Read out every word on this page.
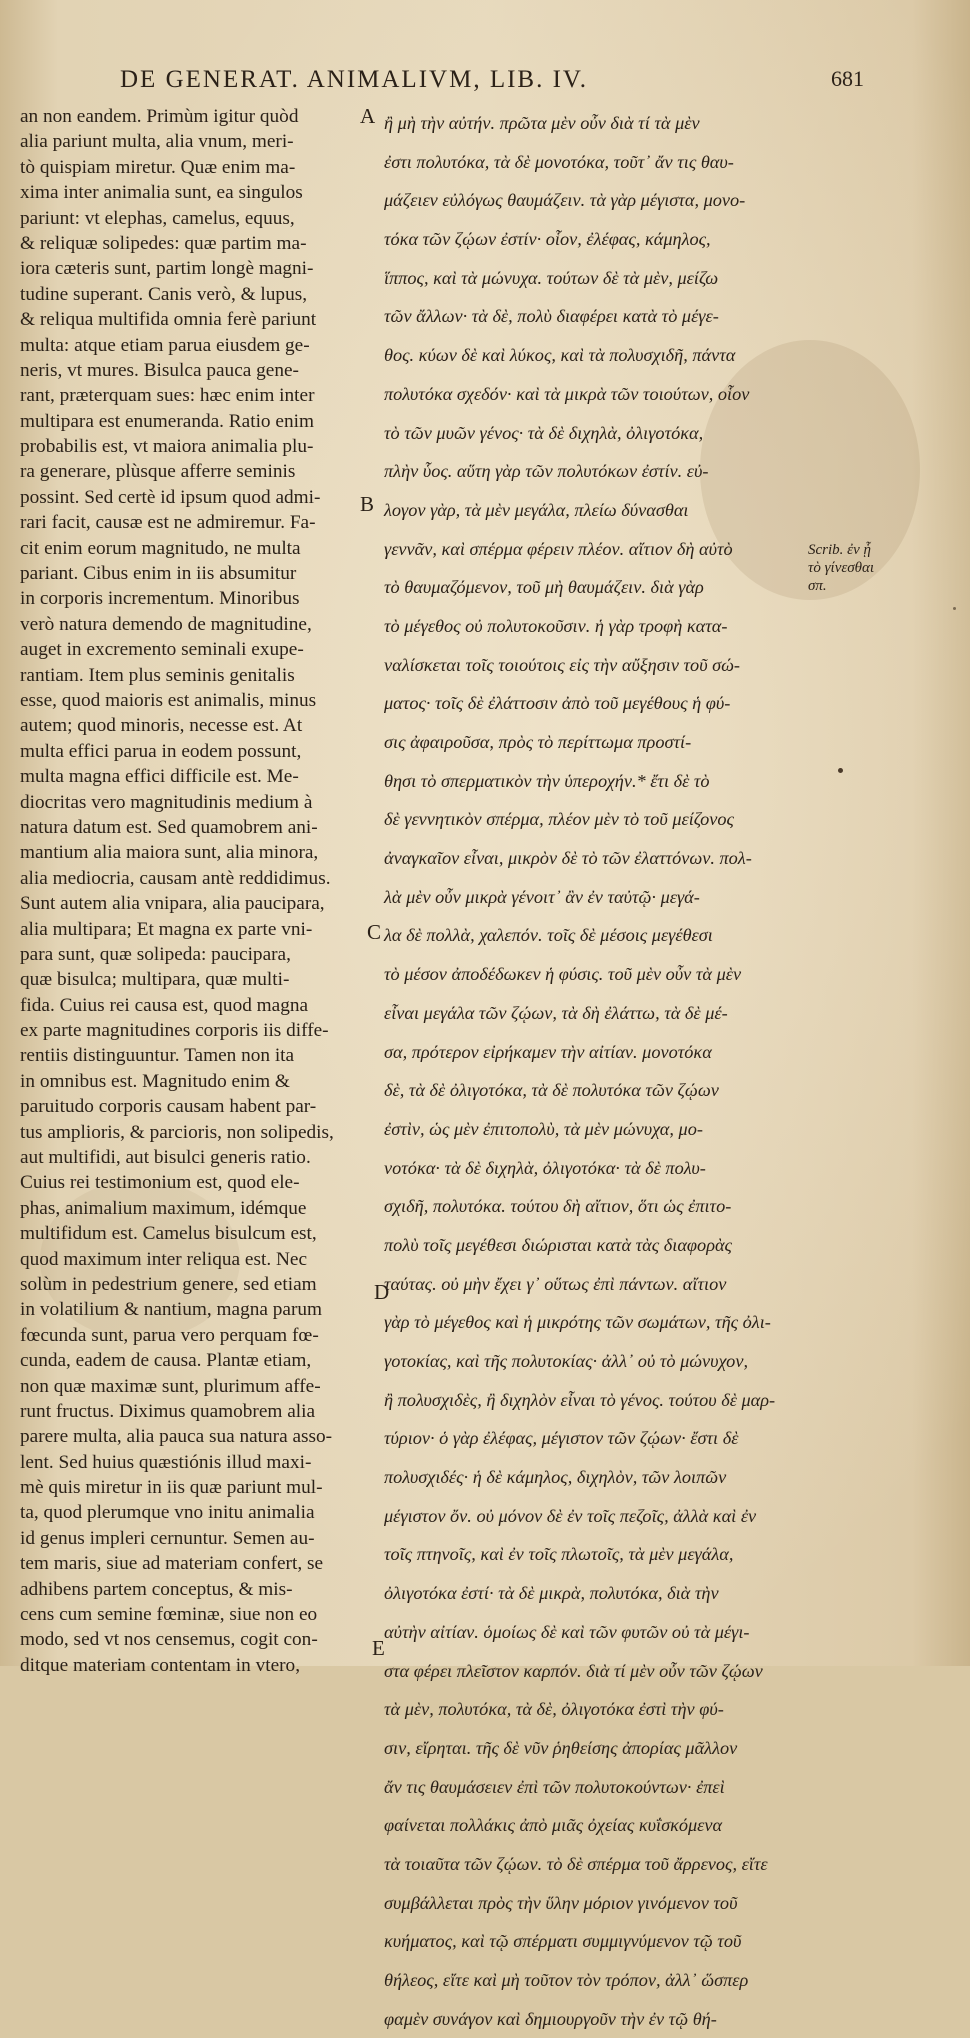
DE GENERAT. ANIMALIVM, LIB. IV.	681
an non eandem. Primùm igitur quòd
alia pariunt multa, alia vnum, meri-
tò quispiam miretur. Quæ enim ma-
xima inter animalia sunt, ea singulos
pariunt: vt elephas, camelus, equus,
& reliquæ solipedes: quæ partim ma-
iora cæteris sunt, partim longè magni-
tudine superant. Canis verò, & lupus,
& reliqua multifida omnia ferè pariunt
multa: atque etiam parua eiusdem ge-
neris, vt mures. Bisulca pauca gene-
rant, præterquam sues: hæc enim inter
multipara est enumeranda. Ratio enim
probabilis est, vt maiora animalia plu-
ra generare, plùsque afferre seminis
possint. Sed certè id ipsum quod admi-
rari facit, causæ est ne admiremur. Fa-
cit enim eorum magnitudo, ne multa
pariant. Cibus enim in iis absumitur
in corporis incrementum. Minoribus
verò natura demendo de magnitudine,
auget in excremento seminali exupe-
rantiam. Item plus seminis genitalis
esse, quod maioris est animalis, minus
autem; quod minoris, necesse est. At
multa effici parua in eodem possunt,
multa magna effici difficile est. Me-
diocritas vero magnitudinis medium à
natura datum est. Sed quamobrem ani-
mantium alia maiora sunt, alia minora,
alia mediocria, causam antè reddidimus.
Sunt autem alia vnipara, alia paucipara,
alia multipara; Et magna ex parte vni-
para sunt, quæ solipeda: paucipara,
quæ bisulca; multipara, quæ multi-
fida. Cuius rei causa est, quod magna
ex parte magnitudines corporis iis diffe-
rentiis distinguuntur. Tamen non ita
in omnibus est. Magnitudo enim &
paruitudo corporis causam habent par-
tus amplioris, & parcioris, non solipedis,
aut multifidi, aut bisulci generis ratio.
Cuius rei testimonium est, quod ele-
phas, animalium maximum, idémque
multifidum est. Camelus bisulcum est,
quod maximum inter reliqua est. Nec
solùm in pedestrium genere, sed etiam
in volatilium & nantium, magna parum
fœcunda sunt, parua vero perquam fœ-
cunda, eadem de causa. Plantæ etiam,
non quæ maximæ sunt, plurimum affe-
runt fructus. Diximus quamobrem alia
parere multa, alia pauca sua natura asso-
lent. Sed huius quæstiónis illud maxi-
mè quis miretur in iis quæ pariunt mul-
ta, quod plerumque vno initu animalia
id genus impleri cernuntur. Semen au-
tem maris, siue ad materiam confert, se
adhibens partem conceptus, & mis-
cens cum semine fœminæ, siue non eo
modo, sed vt nos censemus, cogit con-
ditque materiam contentam in vtero,
ἢ μὴ τὴν αὐτήν. πρῶτα μὲν οὖν διὰ τί τὰ μὲν
ἐστι πολυτόκα, τὰ δὲ μονοτόκα, τοῦτ᾽ ἄν τις θαυ-
μάζειεν εὐλόγως θαυμάζειν. τὰ γὰρ μέγιστα, μονο-
τόκα τῶν ζῴων ἐστίν· οἷον, ἐλέφας, κάμηλος,
ἵππος, καὶ τὰ μώνυχα. τούτων δὲ τὰ μὲν, μείζω
τῶν ἄλλων· τὰ δὲ, πολὺ διαφέρει κατὰ τὸ μέγε-
θος. κύων δὲ καὶ λύκος, καὶ τὰ πολυσχιδῆ, πάντα
πολυτόκα σχεδόν· καὶ τὰ μικρὰ τῶν τοιούτων, οἷον
τὸ τῶν μυῶν γένος· τὰ δὲ διχηλὰ, ὀλιγοτόκα,
πλὴν ὗος. αὕτη γὰρ τῶν πολυτόκων ἐστίν. εὐ-
λογον γὰρ, τὰ μὲν μεγάλα, πλείω δύνασθαι
γεννᾶν, καὶ σπέρμα φέρειν πλέον. αἴτιον δὴ αὐτὸ
τὸ θαυμαζόμενον, τοῦ μὴ θαυμάζειν. διὰ γὰρ
τὸ μέγεθος οὐ πολυτοκοῦσιν. ἡ γὰρ τροφὴ κατα-
ναλίσκεται τοῖς τοιούτοις εἰς τὴν αὔξησιν τοῦ σώ-
ματος· τοῖς δὲ ἐλάττοσιν ἀπὸ τοῦ μεγέθους ἡ φύ-
σις ἀφαιροῦσα, πρὸς τὸ περίττωμα προστί-
θησι τὸ σπερματικὸν τὴν ὑπεροχήν.* ἔτι δὲ τὸ
δὲ γεννητικὸν σπέρμα, πλέον μὲν τὸ τοῦ μείζονος
ἀναγκαῖον εἶναι, μικρὸν δὲ τὸ τῶν ἐλαττόνων. πολ-
λὰ μὲν οὖν μικρὰ γένοιτ᾽ ἂν ἐν ταὐτῷ· μεγά-
λα δὲ πολλὰ, χαλεπόν. τοῖς δὲ μέσοις μεγέθεσι
τὸ μέσον ἀποδέδωκεν ἡ φύσις. τοῦ μὲν οὖν τὰ μὲν
εἶναι μεγάλα τῶν ζῴων, τὰ δὴ ἐλάττω, τὰ δὲ μέ-
σα, πρότερον εἰρήκαμεν τὴν αἰτίαν. μονοτόκα
δὲ, τὰ δὲ ὀλιγοτόκα, τὰ δὲ πολυτόκα τῶν ζῴων
ἐστὶν, ὡς μὲν ἐπιτοπολὺ, τὰ μὲν μώνυχα, μο-
νοτόκα· τὰ δὲ διχηλὰ, ὀλιγοτόκα· τὰ δὲ πολυ-
σχιδῆ, πολυτόκα. τούτου δὴ αἴτιον, ὅτι ὡς ἐπιτο-
πολὺ τοῖς μεγέθεσι διώρισται κατὰ τὰς διαφορὰς
ταύτας. οὐ μὴν ἔχει γ᾽ οὕτως ἐπὶ πάντων. αἴτιον
γὰρ τὸ μέγεθος καὶ ἡ μικρότης τῶν σωμάτων, τῆς ὀλι-
γοτοκίας, καὶ τῆς πολυτοκίας· ἀλλ᾽ οὐ τὸ μώνυχον,
ἢ πολυσχιδὲς, ἢ διχηλὸν εἶναι τὸ γένος. τούτου δὲ μαρ-
τύριον· ὁ γὰρ ἐλέφας, μέγιστον τῶν ζῴων· ἔστι δὲ
πολυσχιδές· ἡ δὲ κάμηλος, διχηλὸν, τῶν λοιπῶν
μέγιστον ὄν. οὐ μόνον δὲ ἐν τοῖς πεζοῖς, ἀλλὰ καὶ ἐν
τοῖς πτηνοῖς, καὶ ἐν τοῖς πλωτοῖς, τὰ μὲν μεγάλα,
ὀλιγοτόκα ἐστί· τὰ δὲ μικρὰ, πολυτόκα, διὰ τὴν
αὐτὴν αἰτίαν. ὁμοίως δὲ καὶ τῶν φυτῶν οὐ τὰ μέγι-
στα φέρει πλεῖστον καρπόν. διὰ τί μὲν οὖν τῶν ζῴων
τὰ μὲν, πολυτόκα, τὰ δὲ, ὀλιγοτόκα ἐστὶ τὴν φύ-
σιν, εἴρηται. τῆς δὲ νῦν ῥηθείσης ἀπορίας μᾶλλον
ἄν τις θαυμάσειεν ἐπὶ τῶν πολυτοκούντων· ἐπεὶ
φαίνεται πολλάκις ἀπὸ μιᾶς ὀχείας κυΐσκόμενα
τὰ τοιαῦτα τῶν ζῴων. τὸ δὲ σπέρμα τοῦ ἄρρενος, εἴτε
συμβάλλεται πρὸς τὴν ὕλην μόριον γινόμενον τοῦ
κυήματος, καὶ τῷ σπέρματι συμμιγνύμενον τῷ τοῦ
θήλεος, εἴτε καὶ μὴ τοῦτον τὸν τρόπον, ἀλλ᾽ ὥσπερ
φαμὲν συνάγον καὶ δημιουργοῦν τὴν ἐν τῷ θή-
A
B
C
D
E
Scrib. ἐν ᾗ
τὸ γίνεσθαι
σπ.
